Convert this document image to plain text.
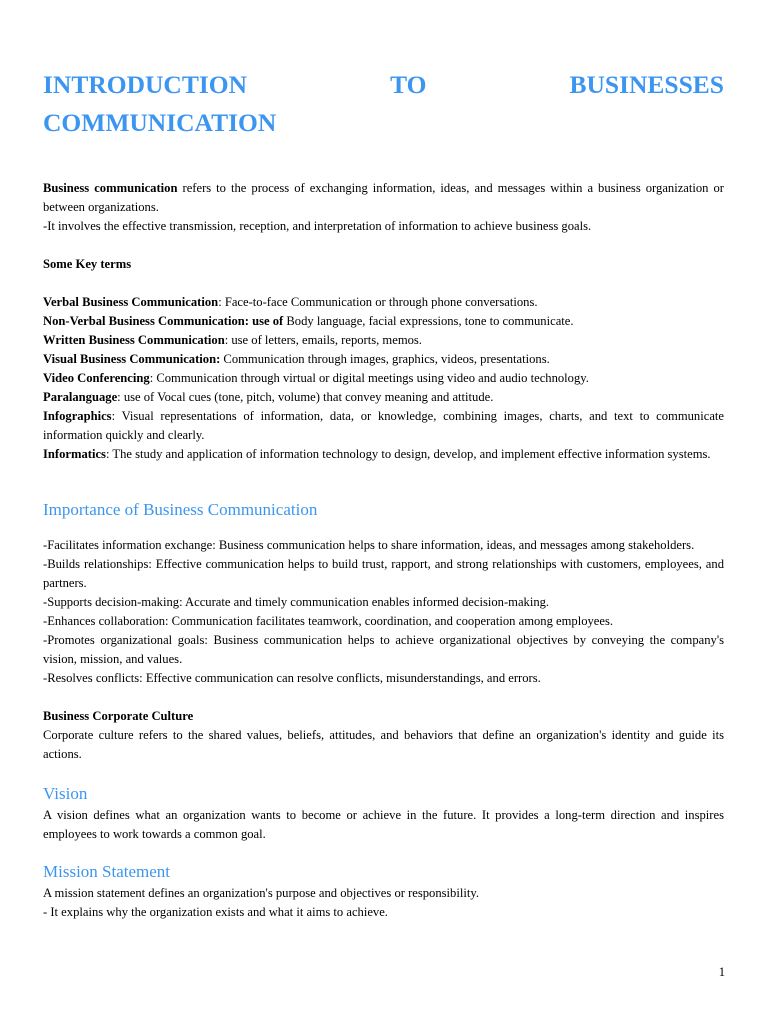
INTRODUCTION	TO	BUSINESSES
COMMUNICATION

Business communication refers to the process of exchanging information, ideas, and messages within a business organization or between organizations.

-It involves the effective transmission, reception, and interpretation of information to achieve business goals.

Some Key terms

Verbal Business Communication: Face-to-face Communication or through phone conversations.

Non-Verbal Business Communication: use of Body language, facial expressions, tone to communicate.

Written Business Communication: use of letters, emails, reports, memos.

Visual Business Communication: Communication through images, graphics, videos, presentations.

Video Conferencing: Communication through virtual or digital meetings using video and audio technology.

Paralanguage: use of Vocal cues (tone, pitch, volume) that convey meaning and attitude.

Infographics: Visual representations of information, data, or knowledge, combining images, charts, and text to communicate information quickly and clearly.

Informatics: The study and application of information technology to design, develop, and implement effective information systems.

Importance of Business Communication

-Facilitates information exchange: Business communication helps to share information, ideas, and messages among stakeholders.

-Builds relationships: Effective communication helps to build trust, rapport, and strong relationships with customers, employees, and partners.

-Supports decision-making: Accurate and timely communication enables informed decision-making.

-Enhances collaboration: Communication facilitates teamwork, coordination, and cooperation among employees.

-Promotes organizational goals: Business communication helps to achieve organizational objectives by conveying the company's vision, mission, and values.

-Resolves conflicts: Effective communication can resolve conflicts, misunderstandings, and errors.

Business Corporate Culture

Corporate culture refers to the shared values, beliefs, attitudes, and behaviors that define an organization's identity and guide its actions.

Vision

A vision defines what an organization wants to become or achieve in the future. It provides a long-term direction and inspires employees to work towards a common goal.

Mission Statement

A mission statement defines an organization's purpose and objectives or responsibility.

- It explains why the organization exists and what it aims to achieve.

1
